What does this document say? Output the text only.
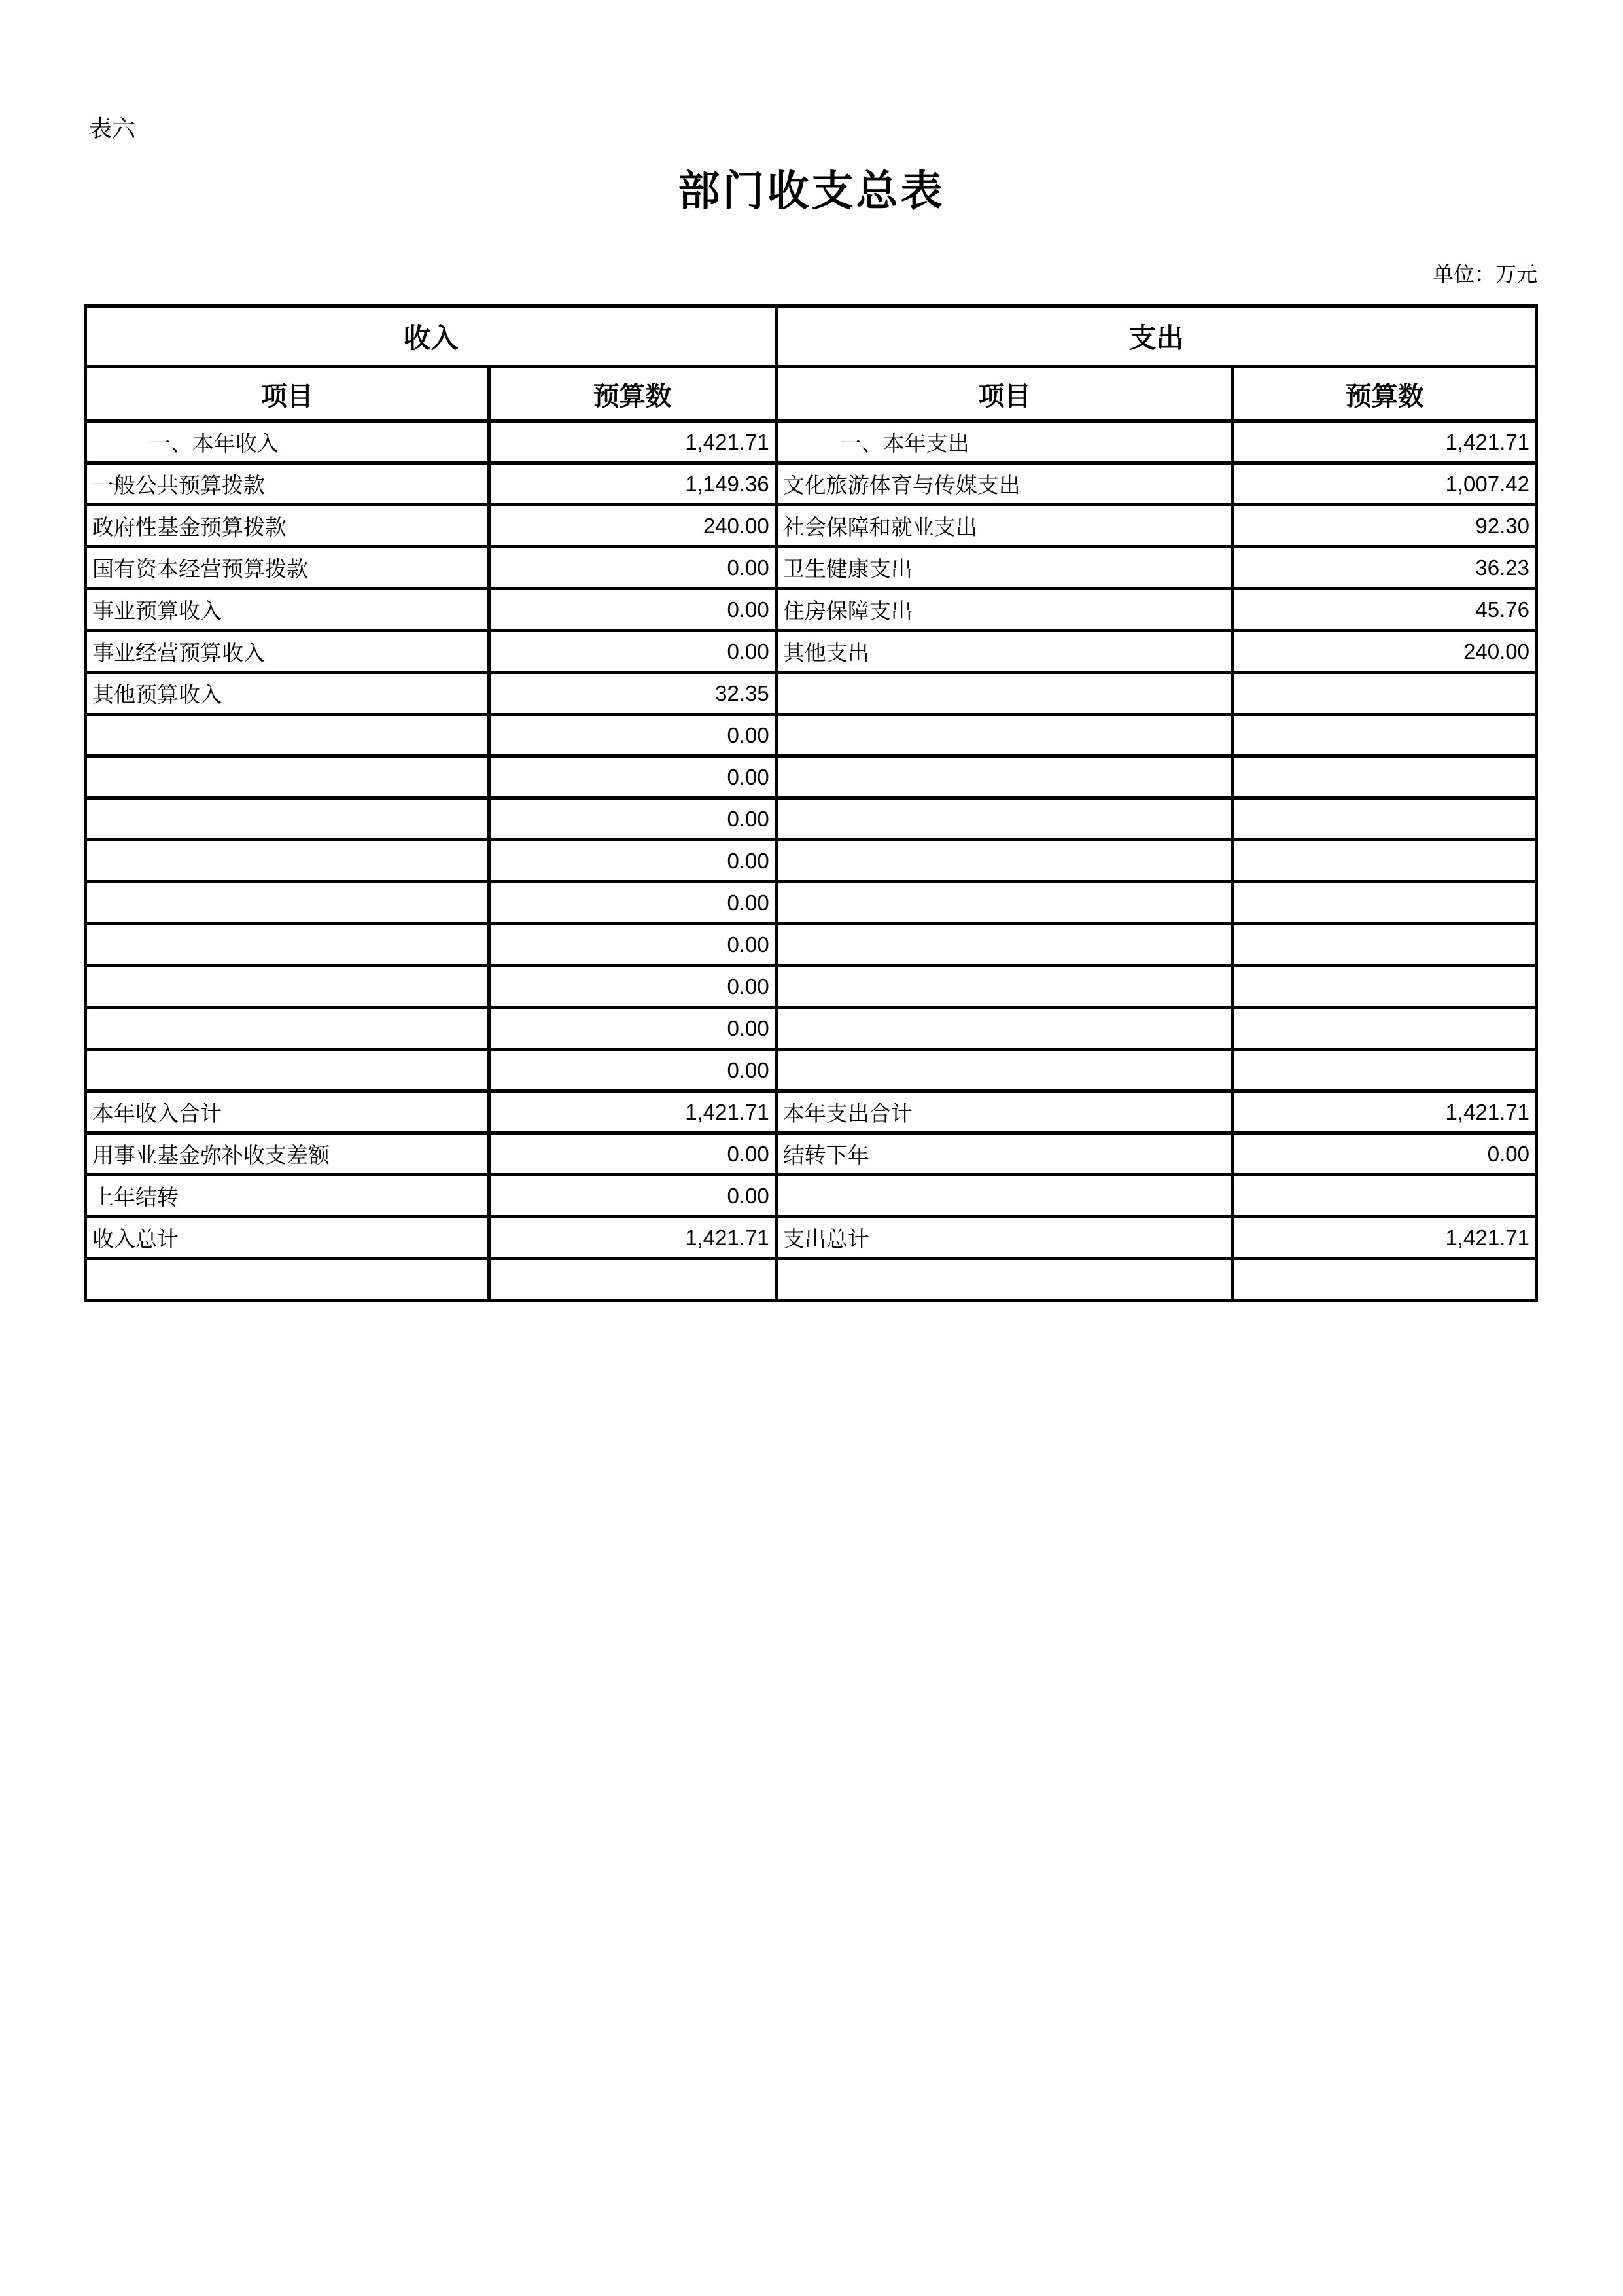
表六
部门收支总表
单位：万元
收入		支出	
项目	预算数	项目	预算数
一、本年收入	1,421.71	一、本年支出	1,421.71
一般公共预算拨款	1,149.36	文化旅游体育与传媒支出	1,007.42
政府性基金预算拨款	240.00	社会保障和就业支出	92.30
国有资本经营预算拨款	0.00	卫生健康支出	36.23
事业预算收入	0.00	住房保障支出	45.76
事业经营预算收入	0.00	其他支出	240.00
其他预算收入	32.35		
	0.00		
	0.00		
	0.00		
	0.00		
	0.00		
	0.00		
	0.00		
	0.00		
	0.00		
本年收入合计	1,421.71	本年支出合计	1,421.71
用事业基金弥补收支差额	0.00	结转下年	0.00
上年结转	0.00		
收入总计	1,421.71	支出总计	1,421.71
